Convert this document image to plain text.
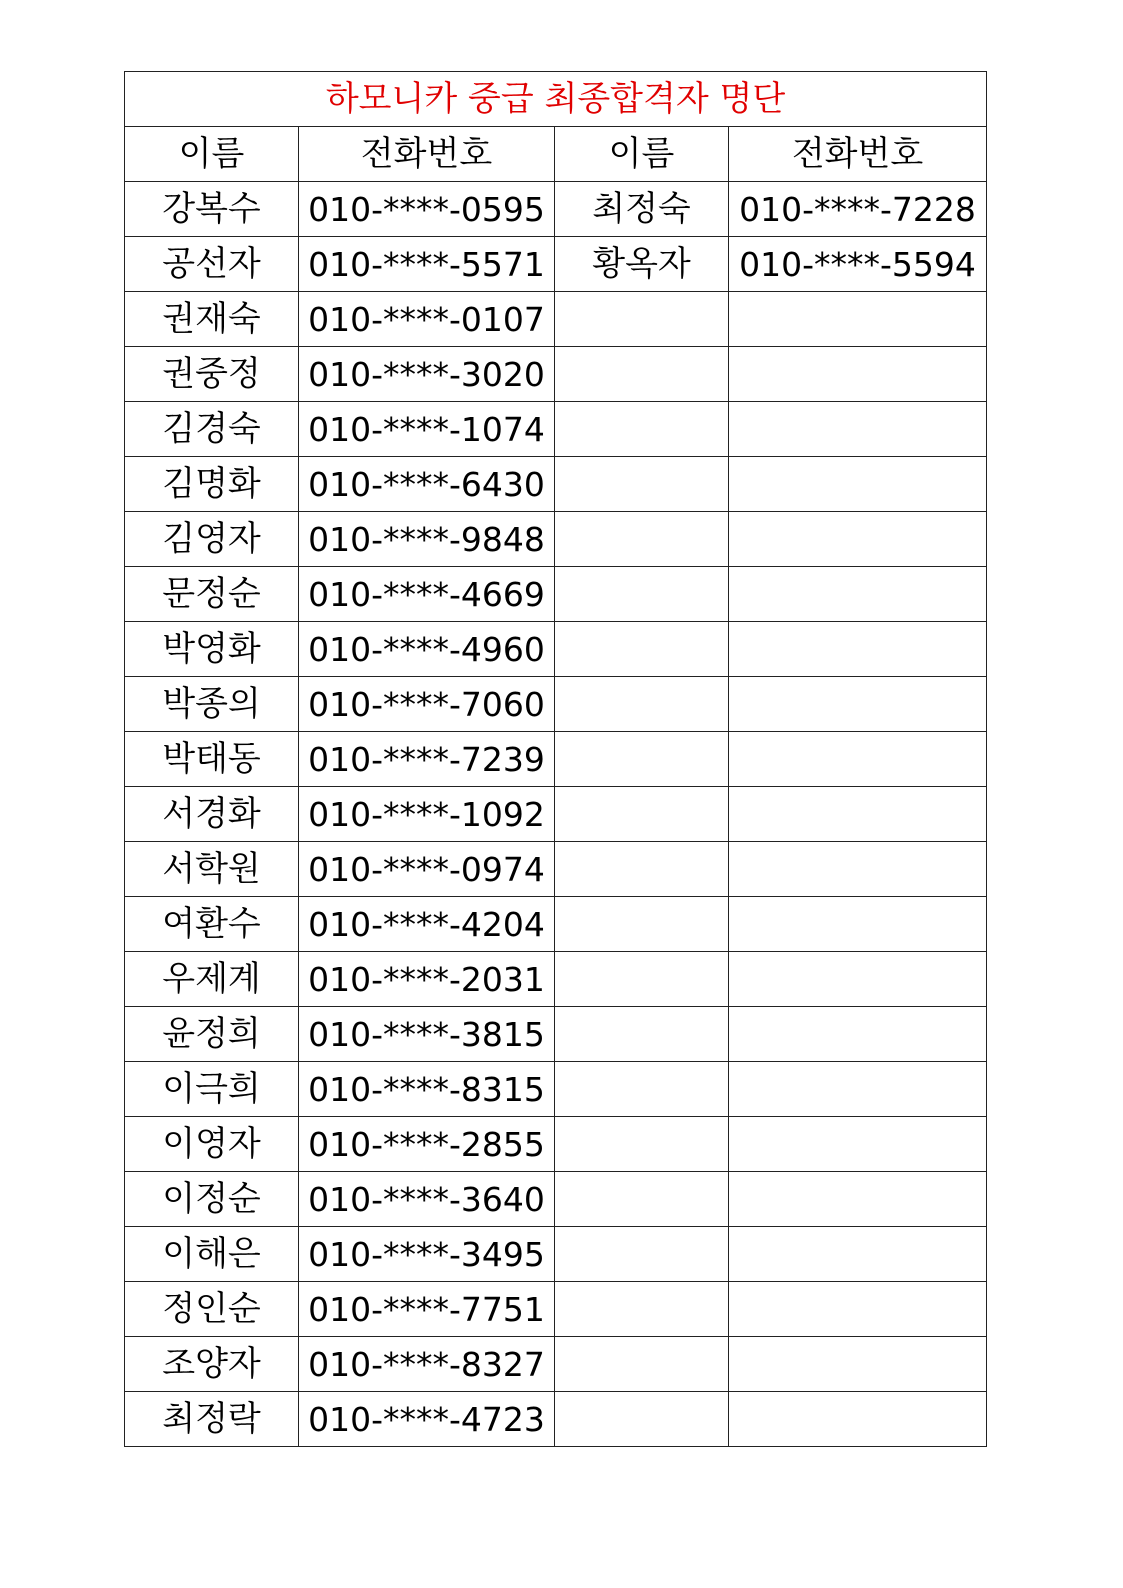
하모니카 중급 최종합격자 명단			
이름	전화번호	이름	전화번호
강복수	010-****-0595	최정숙	010-****-7228
공선자	010-****-5571	황옥자	010-****-5594
권재숙	010-****-0107		
권중정	010-****-3020		
김경숙	010-****-1074		
김명화	010-****-6430		
김영자	010-****-9848		
문정순	010-****-4669		
박영화	010-****-4960		
박종의	010-****-7060		
박태동	010-****-7239		
서경화	010-****-1092		
서학원	010-****-0974		
여환수	010-****-4204		
우제계	010-****-2031		
윤정희	010-****-3815		
이극희	010-****-8315		
이영자	010-****-2855		
이정순	010-****-3640		
이해은	010-****-3495		
정인순	010-****-7751		
조양자	010-****-8327		
최정락	010-****-4723		
